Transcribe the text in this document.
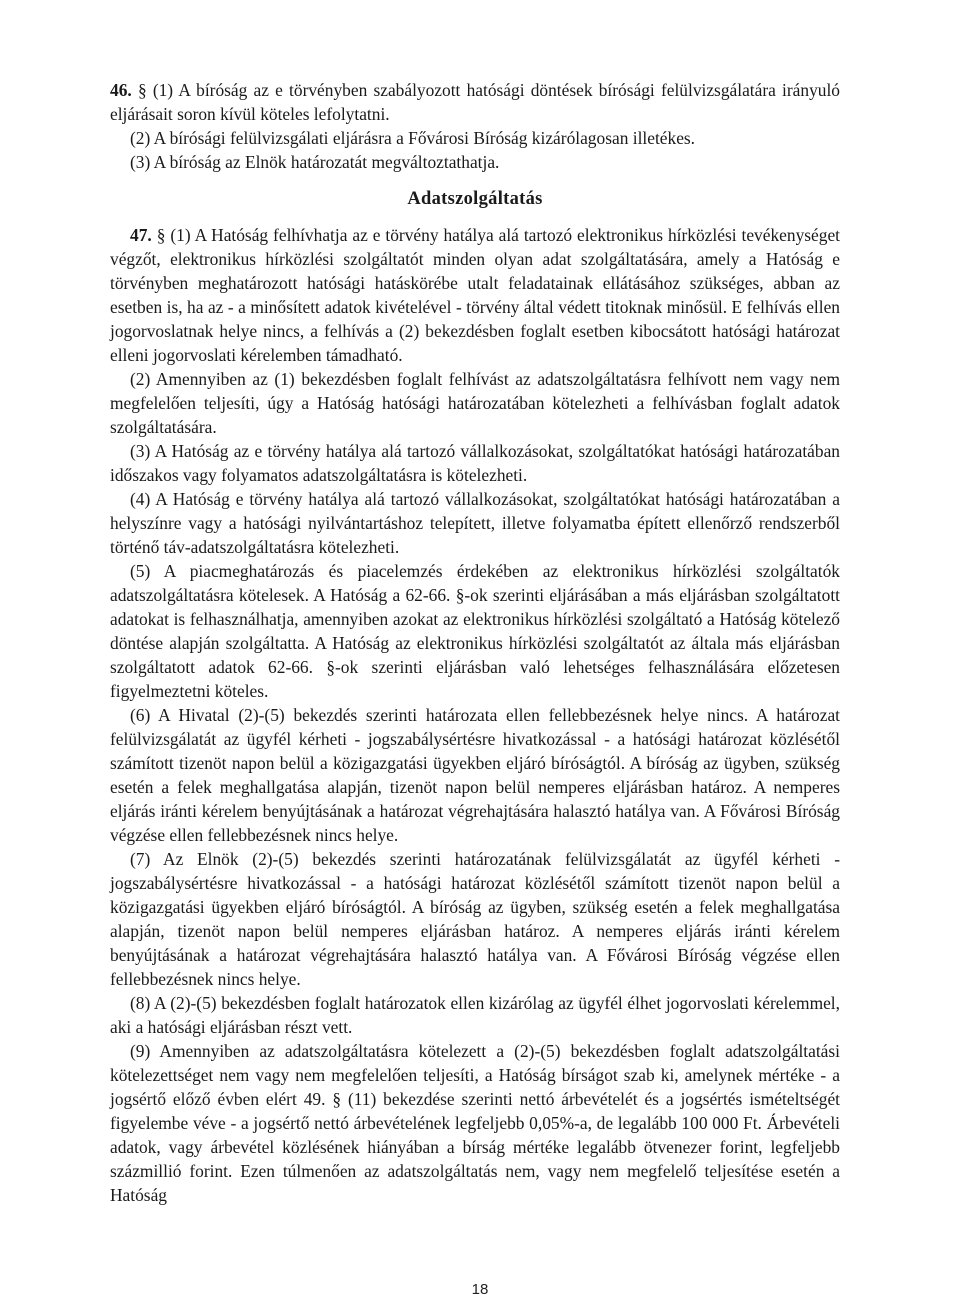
46. § (1) A bíróság az e törvényben szabályozott hatósági döntések bírósági felülvizsgálatára irányuló eljárásait soron kívül köteles lefolytatni.

(2) A bírósági felülvizsgálati eljárásra a Fővárosi Bíróság kizárólagosan illetékes.

(3) A bíróság az Elnök határozatát megváltoztathatja.

Adatszolgáltatás

47. § (1) A Hatóság felhívhatja az e törvény hatálya alá tartozó elektronikus hírközlési tevékenységet végzőt, elektronikus hírközlési szolgáltatót minden olyan adat szolgáltatására, amely a Hatóság e törvényben meghatározott hatósági hatáskörébe utalt feladatainak ellátásához szükséges, abban az esetben is, ha az - a minősített adatok kivételével - törvény által védett titoknak minősül. E felhívás ellen jogorvoslatnak helye nincs, a felhívás a (2) bekezdésben foglalt esetben kibocsátott hatósági határozat elleni jogorvoslati kérelemben támadható.

(2) Amennyiben az (1) bekezdésben foglalt felhívást az adatszolgáltatásra felhívott nem vagy nem megfelelően teljesíti, úgy a Hatóság hatósági határozatában kötelezheti a felhívásban foglalt adatok szolgáltatására.

(3) A Hatóság az e törvény hatálya alá tartozó vállalkozásokat, szolgáltatókat hatósági határozatában időszakos vagy folyamatos adatszolgáltatásra is kötelezheti.

(4) A Hatóság e törvény hatálya alá tartozó vállalkozásokat, szolgáltatókat hatósági határozatában a helyszínre vagy a hatósági nyilvántartáshoz telepített, illetve folyamatba épített ellenőrző rendszerből történő táv-adatszolgáltatásra kötelezheti.

(5) A piacmeghatározás és piacelemzés érdekében az elektronikus hírközlési szolgáltatók adatszolgáltatásra kötelesek. A Hatóság a 62-66. §-ok szerinti eljárásában a más eljárásban szolgáltatott adatokat is felhasználhatja, amennyiben azokat az elektronikus hírközlési szolgáltató a Hatóság kötelező döntése alapján szolgáltatta. A Hatóság az elektronikus hírközlési szolgáltatót az általa más eljárásban szolgáltatott adatok 62-66. §-ok szerinti eljárásban való lehetséges felhasználására előzetesen figyelmeztetni köteles.

(6) A Hivatal (2)-(5) bekezdés szerinti határozata ellen fellebbezésnek helye nincs. A határozat felülvizsgálatát az ügyfél kérheti - jogszabálysértésre hivatkozással - a hatósági határozat közlésétől számított tizenöt napon belül a közigazgatási ügyekben eljáró bíróságtól. A bíróság az ügyben, szükség esetén a felek meghallgatása alapján, tizenöt napon belül nemperes eljárásban határoz. A nemperes eljárás iránti kérelem benyújtásának a határozat végrehajtására halasztó hatálya van. A Fővárosi Bíróság végzése ellen fellebbezésnek nincs helye.

(7) Az Elnök (2)-(5) bekezdés szerinti határozatának felülvizsgálatát az ügyfél kérheti - jogszabálysértésre hivatkozással - a hatósági határozat közlésétől számított tizenöt napon belül a közigazgatási ügyekben eljáró bíróságtól. A bíróság az ügyben, szükség esetén a felek meghallgatása alapján, tizenöt napon belül nemperes eljárásban határoz. A nemperes eljárás iránti kérelem benyújtásának a határozat végrehajtására halasztó hatálya van. A Fővárosi Bíróság végzése ellen fellebbezésnek nincs helye.

(8) A (2)-(5) bekezdésben foglalt határozatok ellen kizárólag az ügyfél élhet jogorvoslati kérelemmel, aki a hatósági eljárásban részt vett.

(9) Amennyiben az adatszolgáltatásra kötelezett a (2)-(5) bekezdésben foglalt adatszolgáltatási kötelezettséget nem vagy nem megfelelően teljesíti, a Hatóság bírságot szab ki, amelynek mértéke - a jogsértő előző évben elért 49. § (11) bekezdése szerinti nettó árbevételét és a jogsértés ismételtségét figyelembe véve - a jogsértő nettó árbevételének legfeljebb 0,05%-a, de legalább 100 000 Ft. Árbevételi adatok, vagy árbevétel közlésének hiányában a bírság mértéke legalább ötvenezer forint, legfeljebb százmillió forint. Ezen túlmenően az adatszolgáltatás nem, vagy nem megfelelő teljesítése esetén a Hatóság

18
